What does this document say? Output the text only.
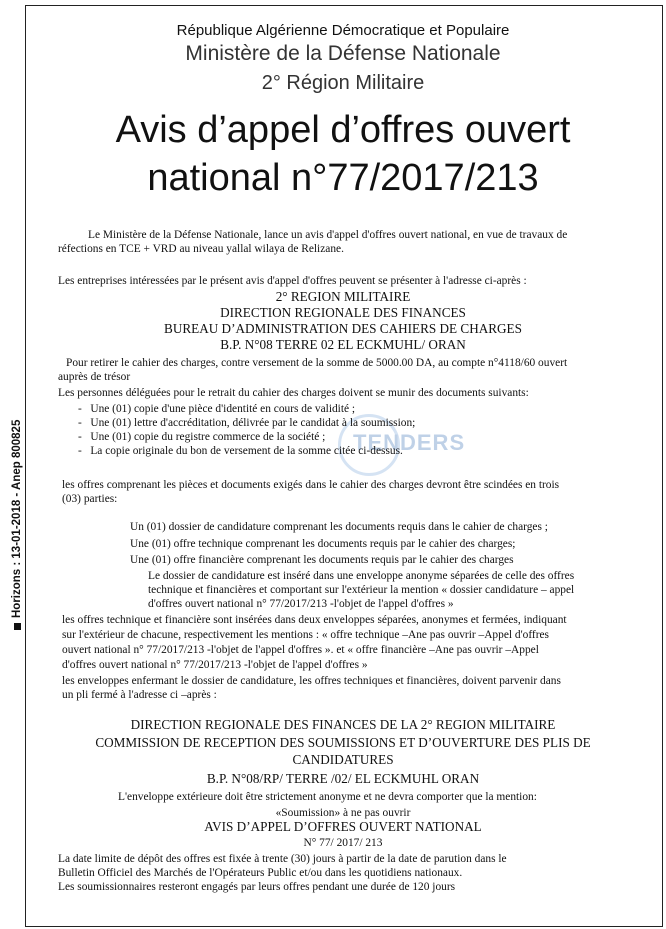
Horizons : 13-01-2018 - Anep 800825
République Algérienne Démocratique et Populaire
Ministère de la Défense Nationale
2° Région Militaire
Avis d’appel d’offres ouvert
national n°77/2017/213
TENDERS
Le Ministère de la Défense Nationale, lance un avis d'appel d'offres ouvert national, en vue de travaux de
réfections en TCE + VRD au niveau yallal wilaya de Relizane.
Les entreprises intéressées par le présent avis d'appel d'offres peuvent se présenter à l'adresse ci-après :
2° REGION MILITAIRE
DIRECTION REGIONALE DES FINANCES
BUREAU D’ADMINISTRATION DES CAHIERS DE CHARGES
B.P. N°08 TERRE 02 EL ECKMUHL/ ORAN
Pour retirer le cahier des charges, contre versement de la somme de 5000.00 DA, au compte n°4118/60 ouvert
auprès de trésor
Les personnes déléguées pour le retrait du cahier des charges doivent se munir des documents suivants:
-   Une (01) copie d'une pièce d'identité en cours de validité ;
-   Une (01) lettre d'accréditation, délivrée par le candidat à la soumission;
-   Une (01) copie du registre commerce de la société ;
-   La copie originale du bon de versement de la somme citée ci-dessus.
les offres comprenant les pièces et documents exigés dans le cahier des charges devront être scindées en trois
(03) parties:
Un (01) dossier de candidature comprenant les documents requis dans le cahier de charges ;
Une (01) offre technique comprenant les documents requis par le cahier des charges;
Une (01) offre financière comprenant les documents requis par le cahier des charges
Le dossier de candidature est inséré dans une enveloppe anonyme séparées de celle des offres
technique et financières et comportant sur l'extérieur la mention « dossier candidature – appel
d'offres ouvert national n° 77/2017/213 -l'objet de l'appel d'offres »
les offres technique et financière sont insérées dans deux enveloppes séparées, anonymes et fermées, indiquant
sur l'extérieur de chacune, respectivement les mentions : « offre technique –Ane pas ouvrir –Appel d'offres
ouvert national n° 77/2017/213 -l'objet de l'appel d'offres ». et « offre financière –Ane pas ouvrir –Appel
d'offres ouvert national n° 77/2017/213 -l'objet de l'appel d'offres »
les enveloppes enfermant le dossier de candidature, les offres techniques et financières, doivent parvenir dans
un pli fermé à l'adresse ci –après :
DIRECTION REGIONALE DES FINANCES DE LA 2° REGION MILITAIRE
COMMISSION DE RECEPTION DES SOUMISSIONS ET D’OUVERTURE DES PLIS DE
CANDIDATURES
B.P. N°08/RP/ TERRE /02/ EL ECKMUHL ORAN
L'enveloppe extérieure doit être strictement anonyme et ne devra comporter que la mention:
«Soumission» à ne pas ouvrir
AVIS D’APPEL D’OFFRES OUVERT NATIONAL
N° 77/ 2017/ 213
La date limite de dépôt des offres est fixée à trente (30) jours à partir de la date de parution dans le
Bulletin Officiel des Marchés de l'Opérateurs Public et/ou dans les quotidiens nationaux.
Les soumissionnaires resteront engagés par leurs offres pendant une durée de 120 jours
